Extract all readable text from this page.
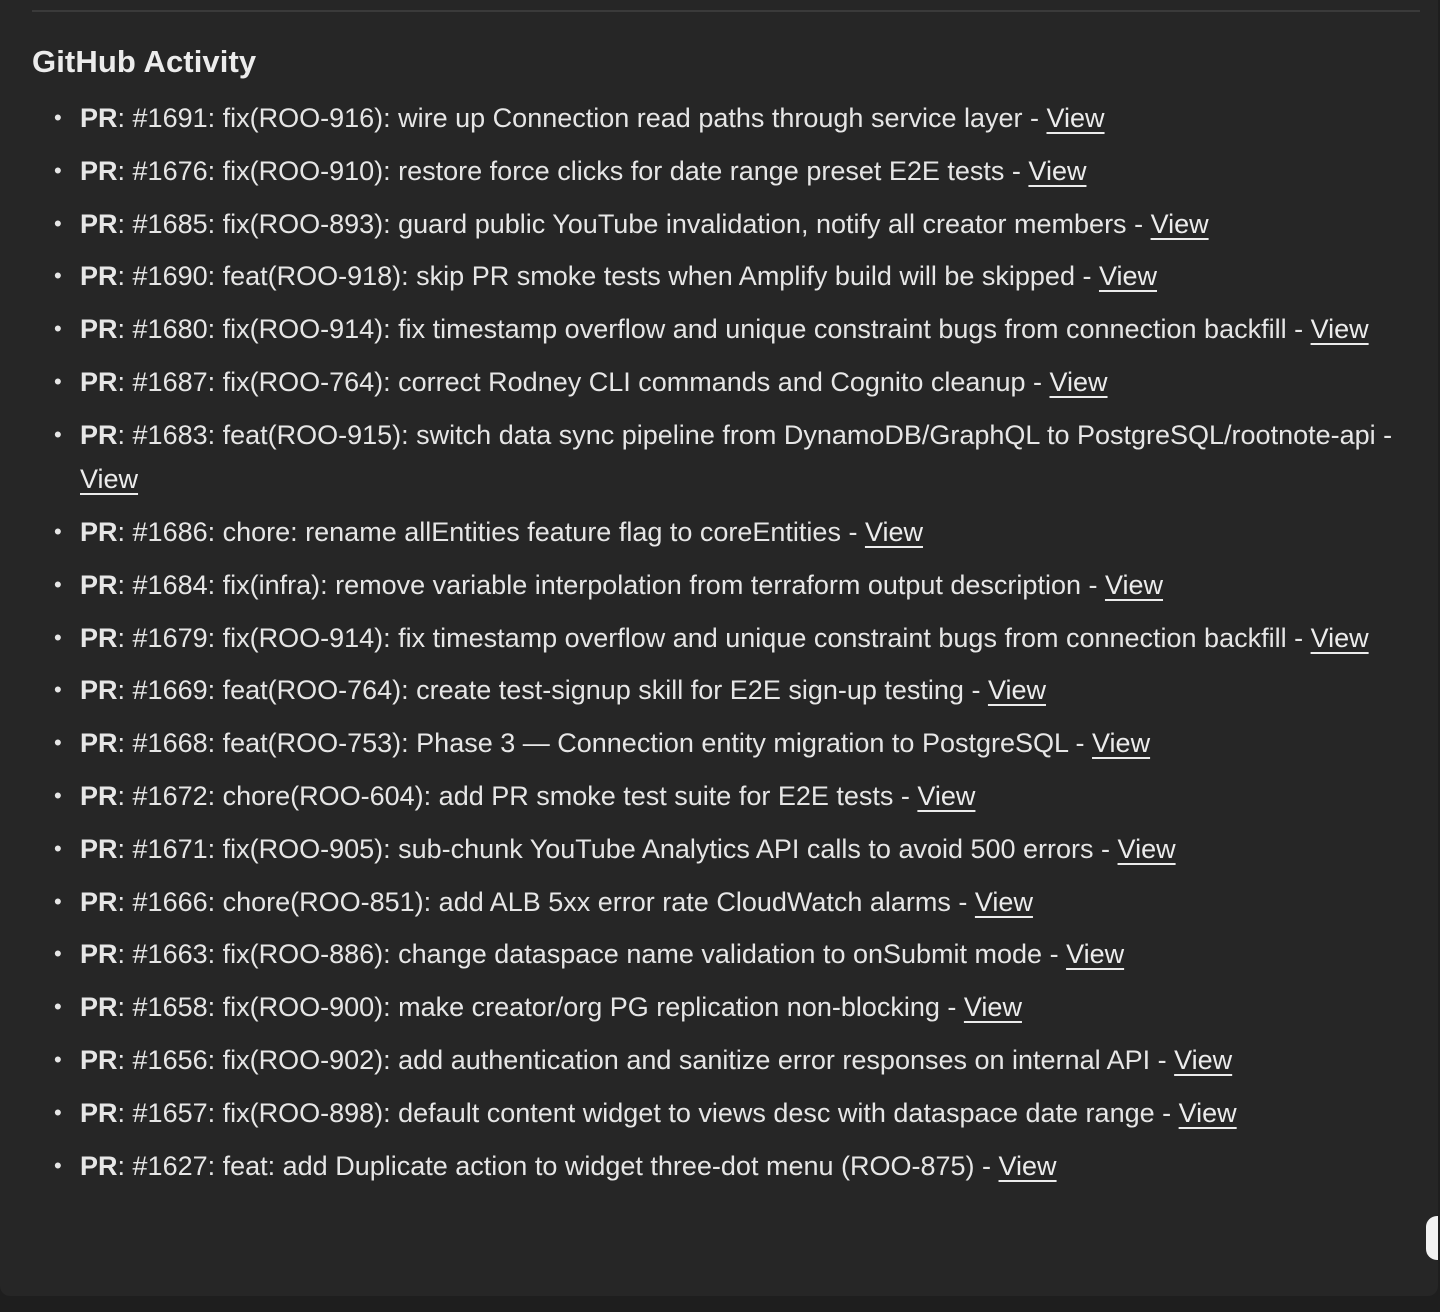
GitHub Activity
• PR: #1691: fix(ROO-916): wire up Connection read paths through service layer - View
• PR: #1676: fix(ROO-910): restore force clicks for date range preset E2E tests - View
• PR: #1685: fix(ROO-893): guard public YouTube invalidation, notify all creator members - View
• PR: #1690: feat(ROO-918): skip PR smoke tests when Amplify build will be skipped - View
• PR: #1680: fix(ROO-914): fix timestamp overflow and unique constraint bugs from connection backfill - View
• PR: #1687: fix(ROO-764): correct Rodney CLI commands and Cognito cleanup - View
• PR: #1683: feat(ROO-915): switch data sync pipeline from DynamoDB/GraphQL to PostgreSQL/rootnote-api - View
• PR: #1686: chore: rename allEntities feature flag to coreEntities - View
• PR: #1684: fix(infra): remove variable interpolation from terraform output description - View
• PR: #1679: fix(ROO-914): fix timestamp overflow and unique constraint bugs from connection backfill - View
• PR: #1669: feat(ROO-764): create test-signup skill for E2E sign-up testing - View
• PR: #1668: feat(ROO-753): Phase 3 — Connection entity migration to PostgreSQL - View
• PR: #1672: chore(ROO-604): add PR smoke test suite for E2E tests - View
• PR: #1671: fix(ROO-905): sub-chunk YouTube Analytics API calls to avoid 500 errors - View
• PR: #1666: chore(ROO-851): add ALB 5xx error rate CloudWatch alarms - View
• PR: #1663: fix(ROO-886): change dataspace name validation to onSubmit mode - View
• PR: #1658: fix(ROO-900): make creator/org PG replication non-blocking - View
• PR: #1656: fix(ROO-902): add authentication and sanitize error responses on internal API - View
• PR: #1657: fix(ROO-898): default content widget to views desc with dataspace date range - View
• PR: #1627: feat: add Duplicate action to widget three-dot menu (ROO-875) - View
